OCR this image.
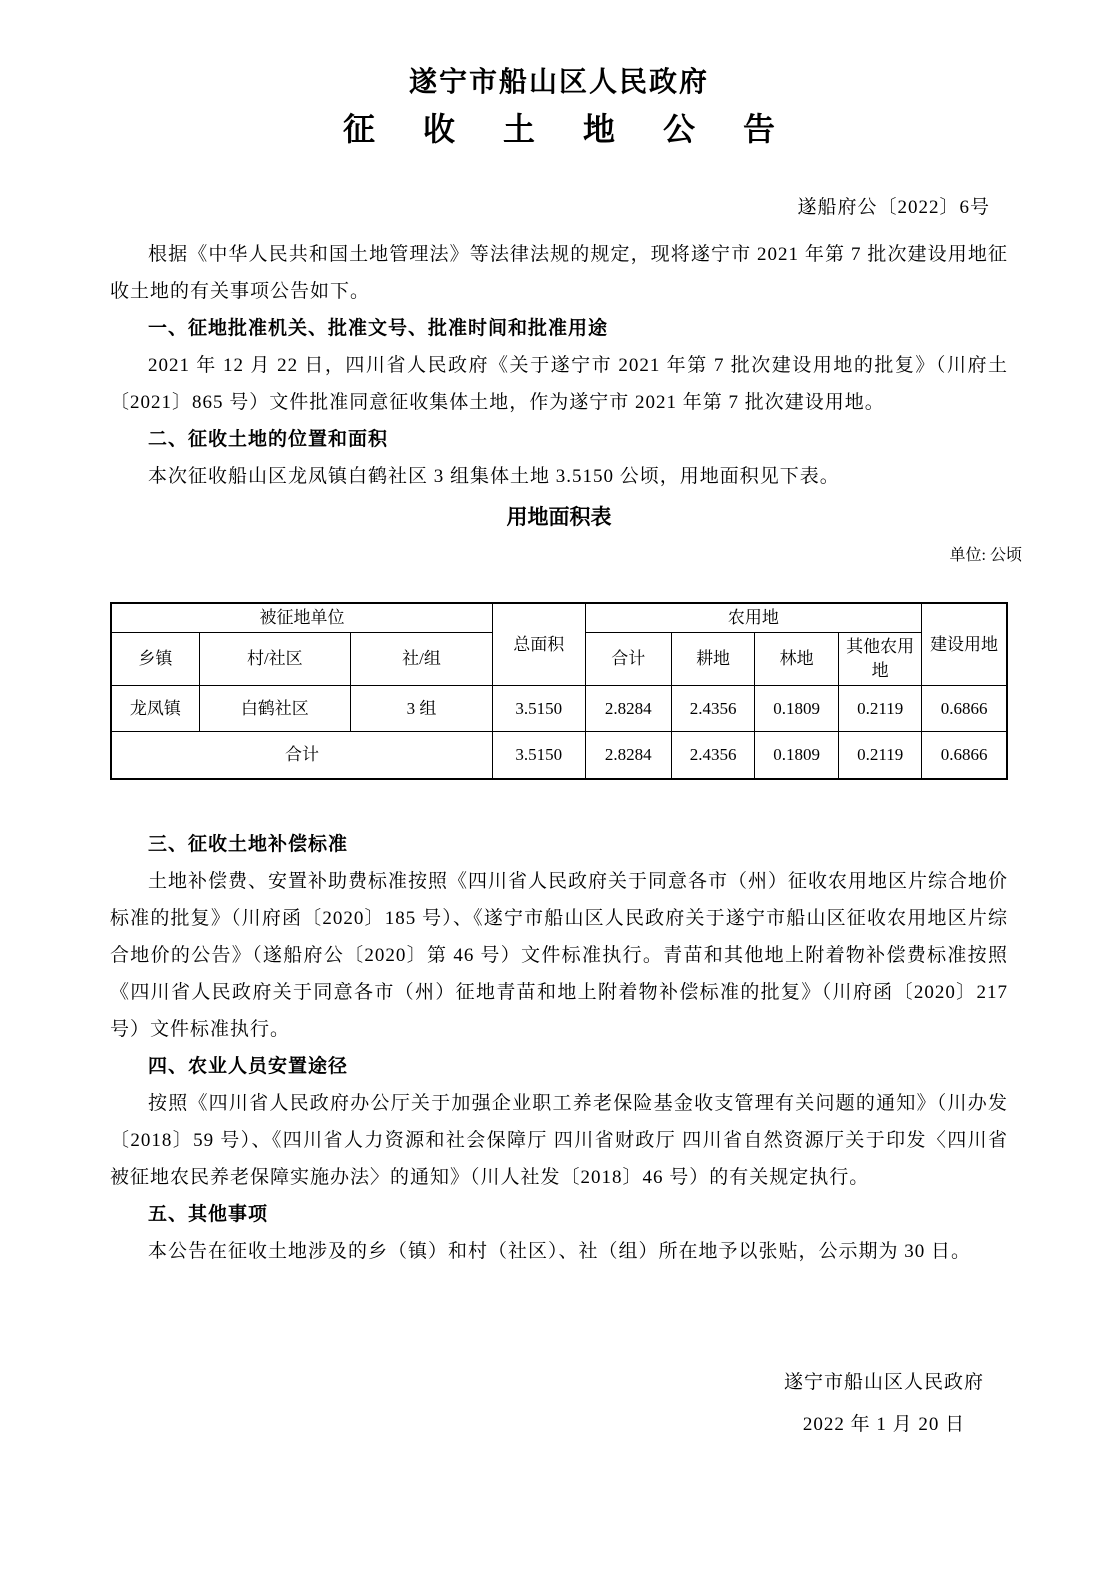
遂宁市船山区人民政府
征收土地公告
遂船府公〔2022〕6号

根据《中华人民共和国土地管理法》等法律法规的规定，现将遂宁市 2021 年第 7 批次建设用地征收土地的有关事项公告如下。

一、征地批准机关、批准文号、批准时间和批准用途

2021 年 12 月 22 日，四川省人民政府《关于遂宁市 2021 年第 7 批次建设用地的批复》（川府土〔2021〕865 号）文件批准同意征收集体土地，作为遂宁市 2021 年第 7 批次建设用地。

二、征收土地的位置和面积

本次征收船山区龙凤镇白鹤社区 3 组集体土地 3.5150 公顷，用地面积见下表。

用地面积表
单位: 公顷
被征地单位			总面积	农用地				建设用地
乡镇	村/社区	社/组		合计	耕地	林地	其他农用地	
龙凤镇	白鹤社区	3 组	3.5150	2.8284	2.4356	0.1809	0.2119	0.6866
合计			3.5150	2.8284	2.4356	0.1809	0.2119	0.6866
三、征收土地补偿标准

土地补偿费、安置补助费标准按照《四川省人民政府关于同意各市（州）征收农用地区片综合地价标准的批复》（川府函〔2020〕185 号）、《遂宁市船山区人民政府关于遂宁市船山区征收农用地区片综合地价的公告》（遂船府公〔2020〕第 46 号）文件标准执行。青苗和其他地上附着物补偿费标准按照《四川省人民政府关于同意各市（州）征地青苗和地上附着物补偿标准的批复》（川府函〔2020〕217 号）文件标准执行。

四、农业人员安置途径

按照《四川省人民政府办公厅关于加强企业职工养老保险基金收支管理有关问题的通知》（川办发〔2018〕59 号）、《四川省人力资源和社会保障厅 四川省财政厅 四川省自然资源厅关于印发〈四川省被征地农民养老保障实施办法〉的通知》（川人社发〔2018〕46 号）的有关规定执行。

五、其他事项

本公告在征收土地涉及的乡（镇）和村（社区）、社（组）所在地予以张贴，公示期为 30 日。

遂宁市船山区人民政府
2022 年 1 月 20 日
